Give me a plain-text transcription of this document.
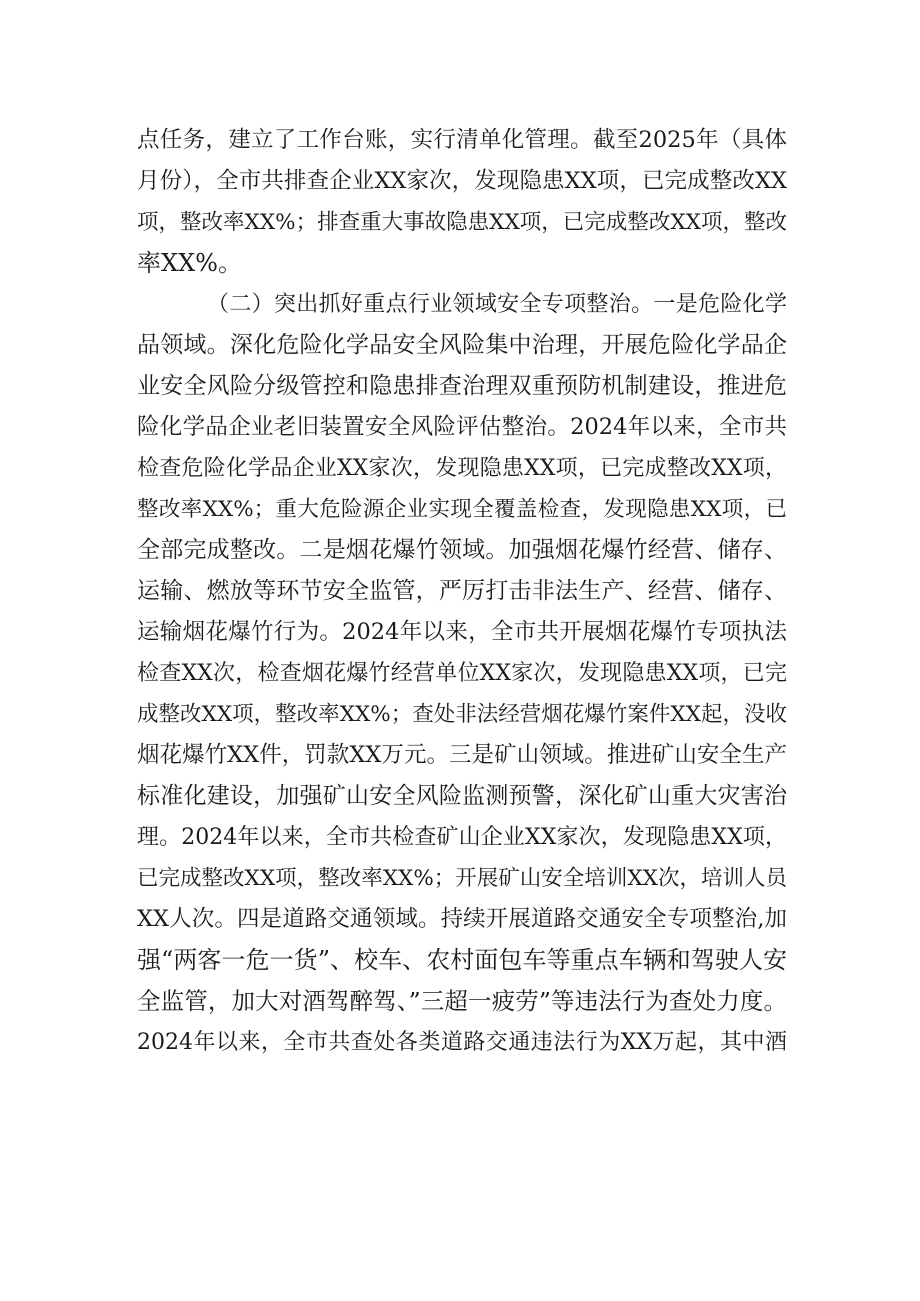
点任务，建立了工作台账，实行清单化管理。截至2025年（具体
月份），全市共排查企业XX家次，发现隐患XX项，已完成整改XX
项，整改率XX%；排查重大事故隐患XX项，已完成整改XX项，整改
率XX%。
（二）突出抓好重点行业领域安全专项整治。一是危险化学
品领域。深化危险化学品安全风险集中治理，开展危险化学品企
业安全风险分级管控和隐患排查治理双重预防机制建设，推进危
险化学品企业老旧装置安全风险评估整治。2024年以来，全市共
检查危险化学品企业XX家次，发现隐患XX项，已完成整改XX项，
整改率XX%；重大危险源企业实现全覆盖检查，发现隐患XX项，已
全部完成整改。二是烟花爆竹领域。加强烟花爆竹经营、储存、
运输、燃放等环节安全监管，严厉打击非法生产、经营、储存、
运输烟花爆竹行为。2024年以来，全市共开展烟花爆竹专项执法
检查XX次，检查烟花爆竹经营单位XX家次，发现隐患XX项，已完
成整改XX项，整改率XX%；查处非法经营烟花爆竹案件XX起，没收
烟花爆竹XX件，罚款XX万元。三是矿山领域。推进矿山安全生产
标准化建设，加强矿山安全风险监测预警，深化矿山重大灾害治
理。2024年以来，全市共检查矿山企业XX家次，发现隐患XX项，
已完成整改XX项，整改率XX%；开展矿山安全培训XX次，培训人员
XX人次。四是道路交通领域。持续开展道路交通安全专项整治,加
强“两客一危一货”、校车、农村面包车等重点车辆和驾驶人安
全监管，加大对酒驾醉驾、”三超一疲劳”等违法行为查处力度。
2024年以来，全市共查处各类道路交通违法行为XX万起，其中酒
